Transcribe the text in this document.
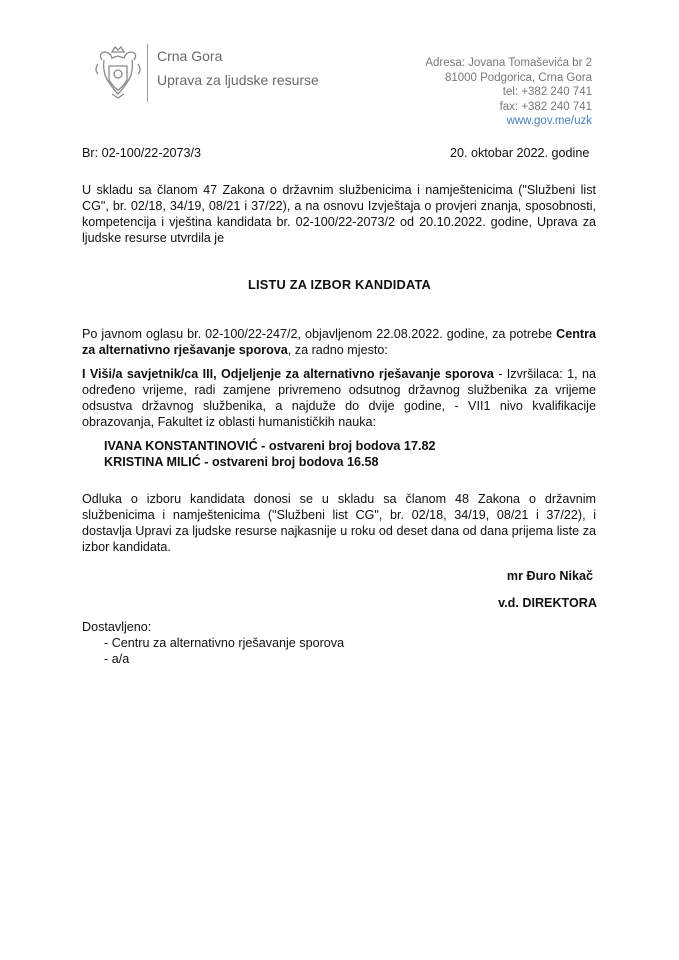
Crna Gora
Uprava za ljudske resurse
Adresa: Jovana Tomaševića br 2
81000 Podgorica, Crna Gora
tel: +382 240 741
fax: +382 240 741
www.gov.me/uzk
Br: 02-100/22-2073/3	20. oktobar 2022. godine
U skladu sa članom 47 Zakona o državnim službenicima i namještenicima ("Službeni list CG", br. 02/18, 34/19, 08/21 i 37/22), a na osnovu Izvještaja o provjeri znanja, sposobnosti, kompetencija i vještina kandidata br. 02-100/22-2073/2 od 20.10.2022. godine, Uprava za ljudske resurse utvrdila je
LISTU ZA IZBOR KANDIDATA
Po javnom oglasu br. 02-100/22-247/2, objavljenom 22.08.2022. godine, za potrebe Centra za alternativno rješavanje sporova, za radno mjesto:
I Viši/a savjetnik/ca III, Odjeljenje za alternativno rješavanje sporova - Izvršilaca: 1, na određeno vrijeme, radi zamjene privremeno odsutnog državnog službenika za vrijeme odsustva državnog službenika, a najduže do dvije godine, - VII1 nivo kvalifikacije obrazovanja, Fakultet iz oblasti humanističkih nauka:
IVANA KONSTANTINOVIĆ - ostvareni broj bodova 17.82
KRISTINA MILIĆ - ostvareni broj bodova 16.58
Odluka o izboru kandidata donosi se u skladu sa članom 48 Zakona o državnim službenicima i namještenicima ("Službeni list CG", br. 02/18, 34/19, 08/21 i 37/22), i dostavlja Upravi za ljudske resurse najkasnije u roku od deset dana od dana prijema liste za izbor kandidata.
mr Đuro Nikač
v.d. DIREKTORA
Dostavljeno:
- Centru za alternativno rješavanje sporova
- a/a
